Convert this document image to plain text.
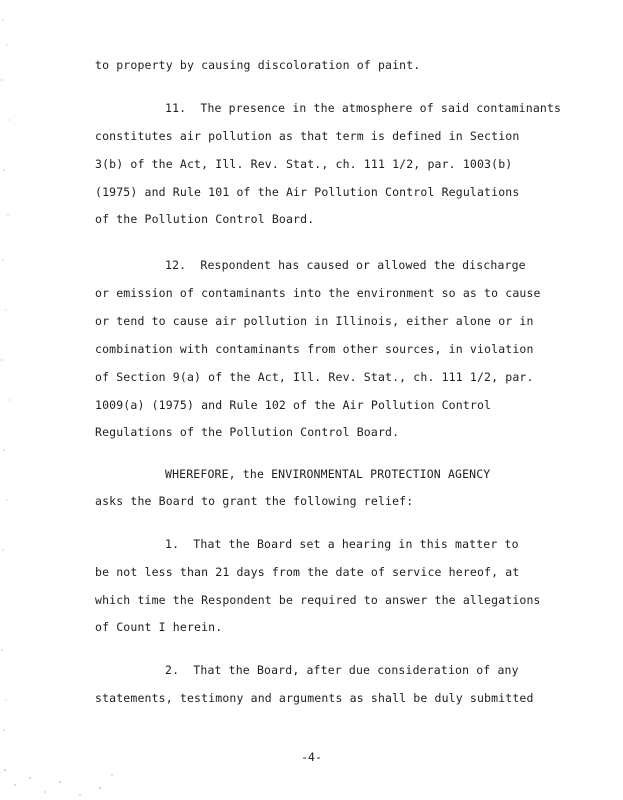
to property by causing discoloration of paint.
11.  The presence in the atmosphere of said contaminants
constitutes air pollution as that term is defined in Section
3(b) of the Act, Ill. Rev. Stat., ch. 111 1/2, par. 1003(b)
(1975) and Rule 101 of the Air Pollution Control Regulations
of the Pollution Control Board.
12.  Respondent has caused or allowed the discharge
or emission of contaminants into the environment so as to cause
or tend to cause air pollution in Illinois, either alone or in
combination with contaminants from other sources, in violation
of Section 9(a) of the Act, Ill. Rev. Stat., ch. 111 1/2, par.
1009(a) (1975) and Rule 102 of the Air Pollution Control
Regulations of the Pollution Control Board.
WHEREFORE, the ENVIRONMENTAL PROTECTION AGENCY
asks the Board to grant the following relief:
1.  That the Board set a hearing in this matter to
be not less than 21 days from the date of service hereof, at
which time the Respondent be required to answer the allegations
of Count I herein.
2.  That the Board, after due consideration of any
statements, testimony and arguments as shall be duly submitted
-4-
